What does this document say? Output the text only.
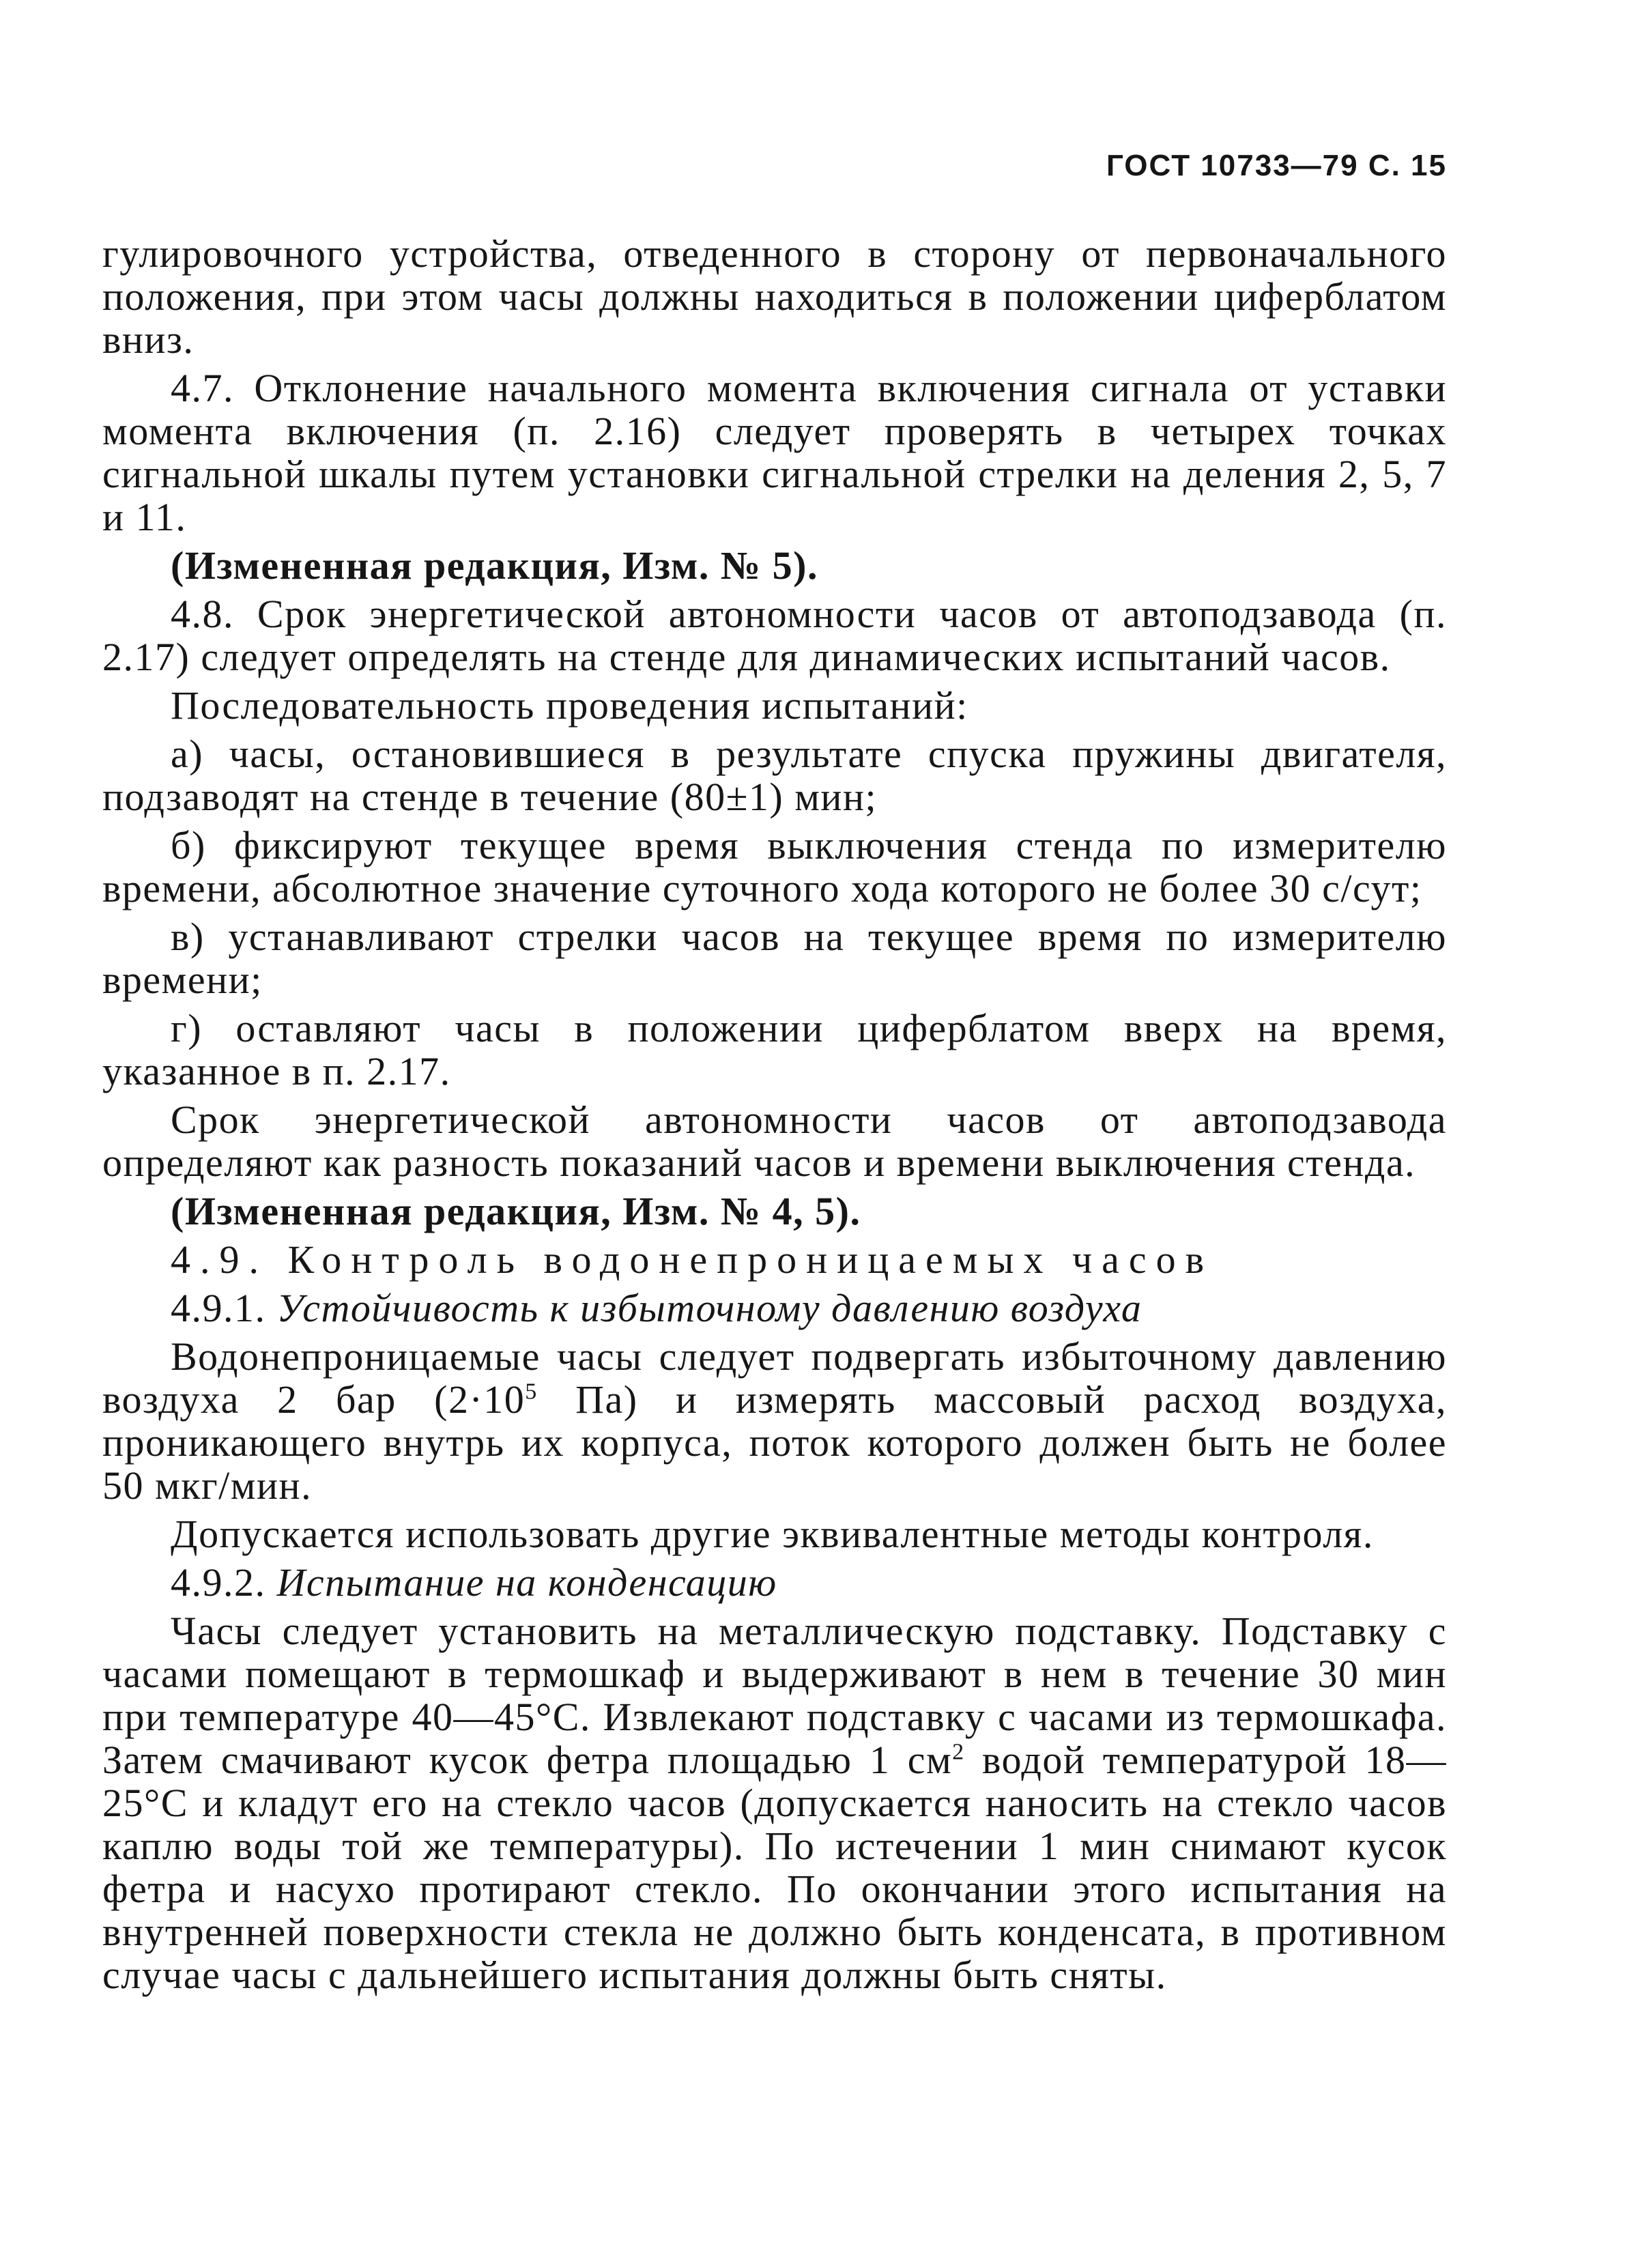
ГОСТ 10733—79 С. 15

гулировочного устройства, отведенного в сторону от первоначального положения, при этом часы должны находиться в положении циферблатом вниз.

4.7. Отклонение начального момента включения сигнала от уставки момента включения (п. 2.16) следует проверять в четырех точках сигнальной шкалы путем установки сигнальной стрелки на деления 2, 5, 7 и 11.

(Измененная редакция, Изм. № 5).

4.8. Срок энергетической автономности часов от автоподзавода (п. 2.17) следует определять на стенде для динамических испытаний часов.

Последовательность проведения испытаний:

а) часы, остановившиеся в результате спуска пружины двигателя, подзаводят на стенде в течение (80±1) мин;

б) фиксируют текущее время выключения стенда по измерителю времени, абсолютное значение суточного хода которого не более 30 с/сут;

в) устанавливают стрелки часов на текущее время по измерителю времени;

г) оставляют часы в положении циферблатом вверх на время, указанное в п. 2.17.

Срок энергетической автономности часов от автоподзавода определяют как разность показаний часов и времени выключения стенда.

(Измененная редакция, Изм. № 4, 5).

4.9. Контроль водонепроницаемых часов

4.9.1. Устойчивость к избыточному давлению воздуха

Водонепроницаемые часы следует подвергать избыточному давлению воздуха 2 бар ($2\cdot 10^5$ Па) и измерять массовый расход воздуха, проникающего внутрь их корпуса, поток которого должен быть не более 50 мкг/мин.

Допускается использовать другие эквивалентные методы контроля.

4.9.2. Испытание на конденсацию

Часы следует установить на металлическую подставку. Подставку с часами помещают в термошкаф и выдерживают в нем в течение 30 мин при температуре 40—45°С. Извлекают подставку с часами из термошкафа. Затем смачивают кусок фетра площадью 1 $см^2$ водой температурой 18—25°С и кладут его на стекло часов (допускается наносить на стекло часов каплю воды той же температуры). По истечении 1 мин снимают кусок фетра и насухо протирают стекло. По окончании этого испытания на внутренней поверхности стекла не должно быть конденсата, в противном случае часы с дальнейшего испытания должны быть сняты.
